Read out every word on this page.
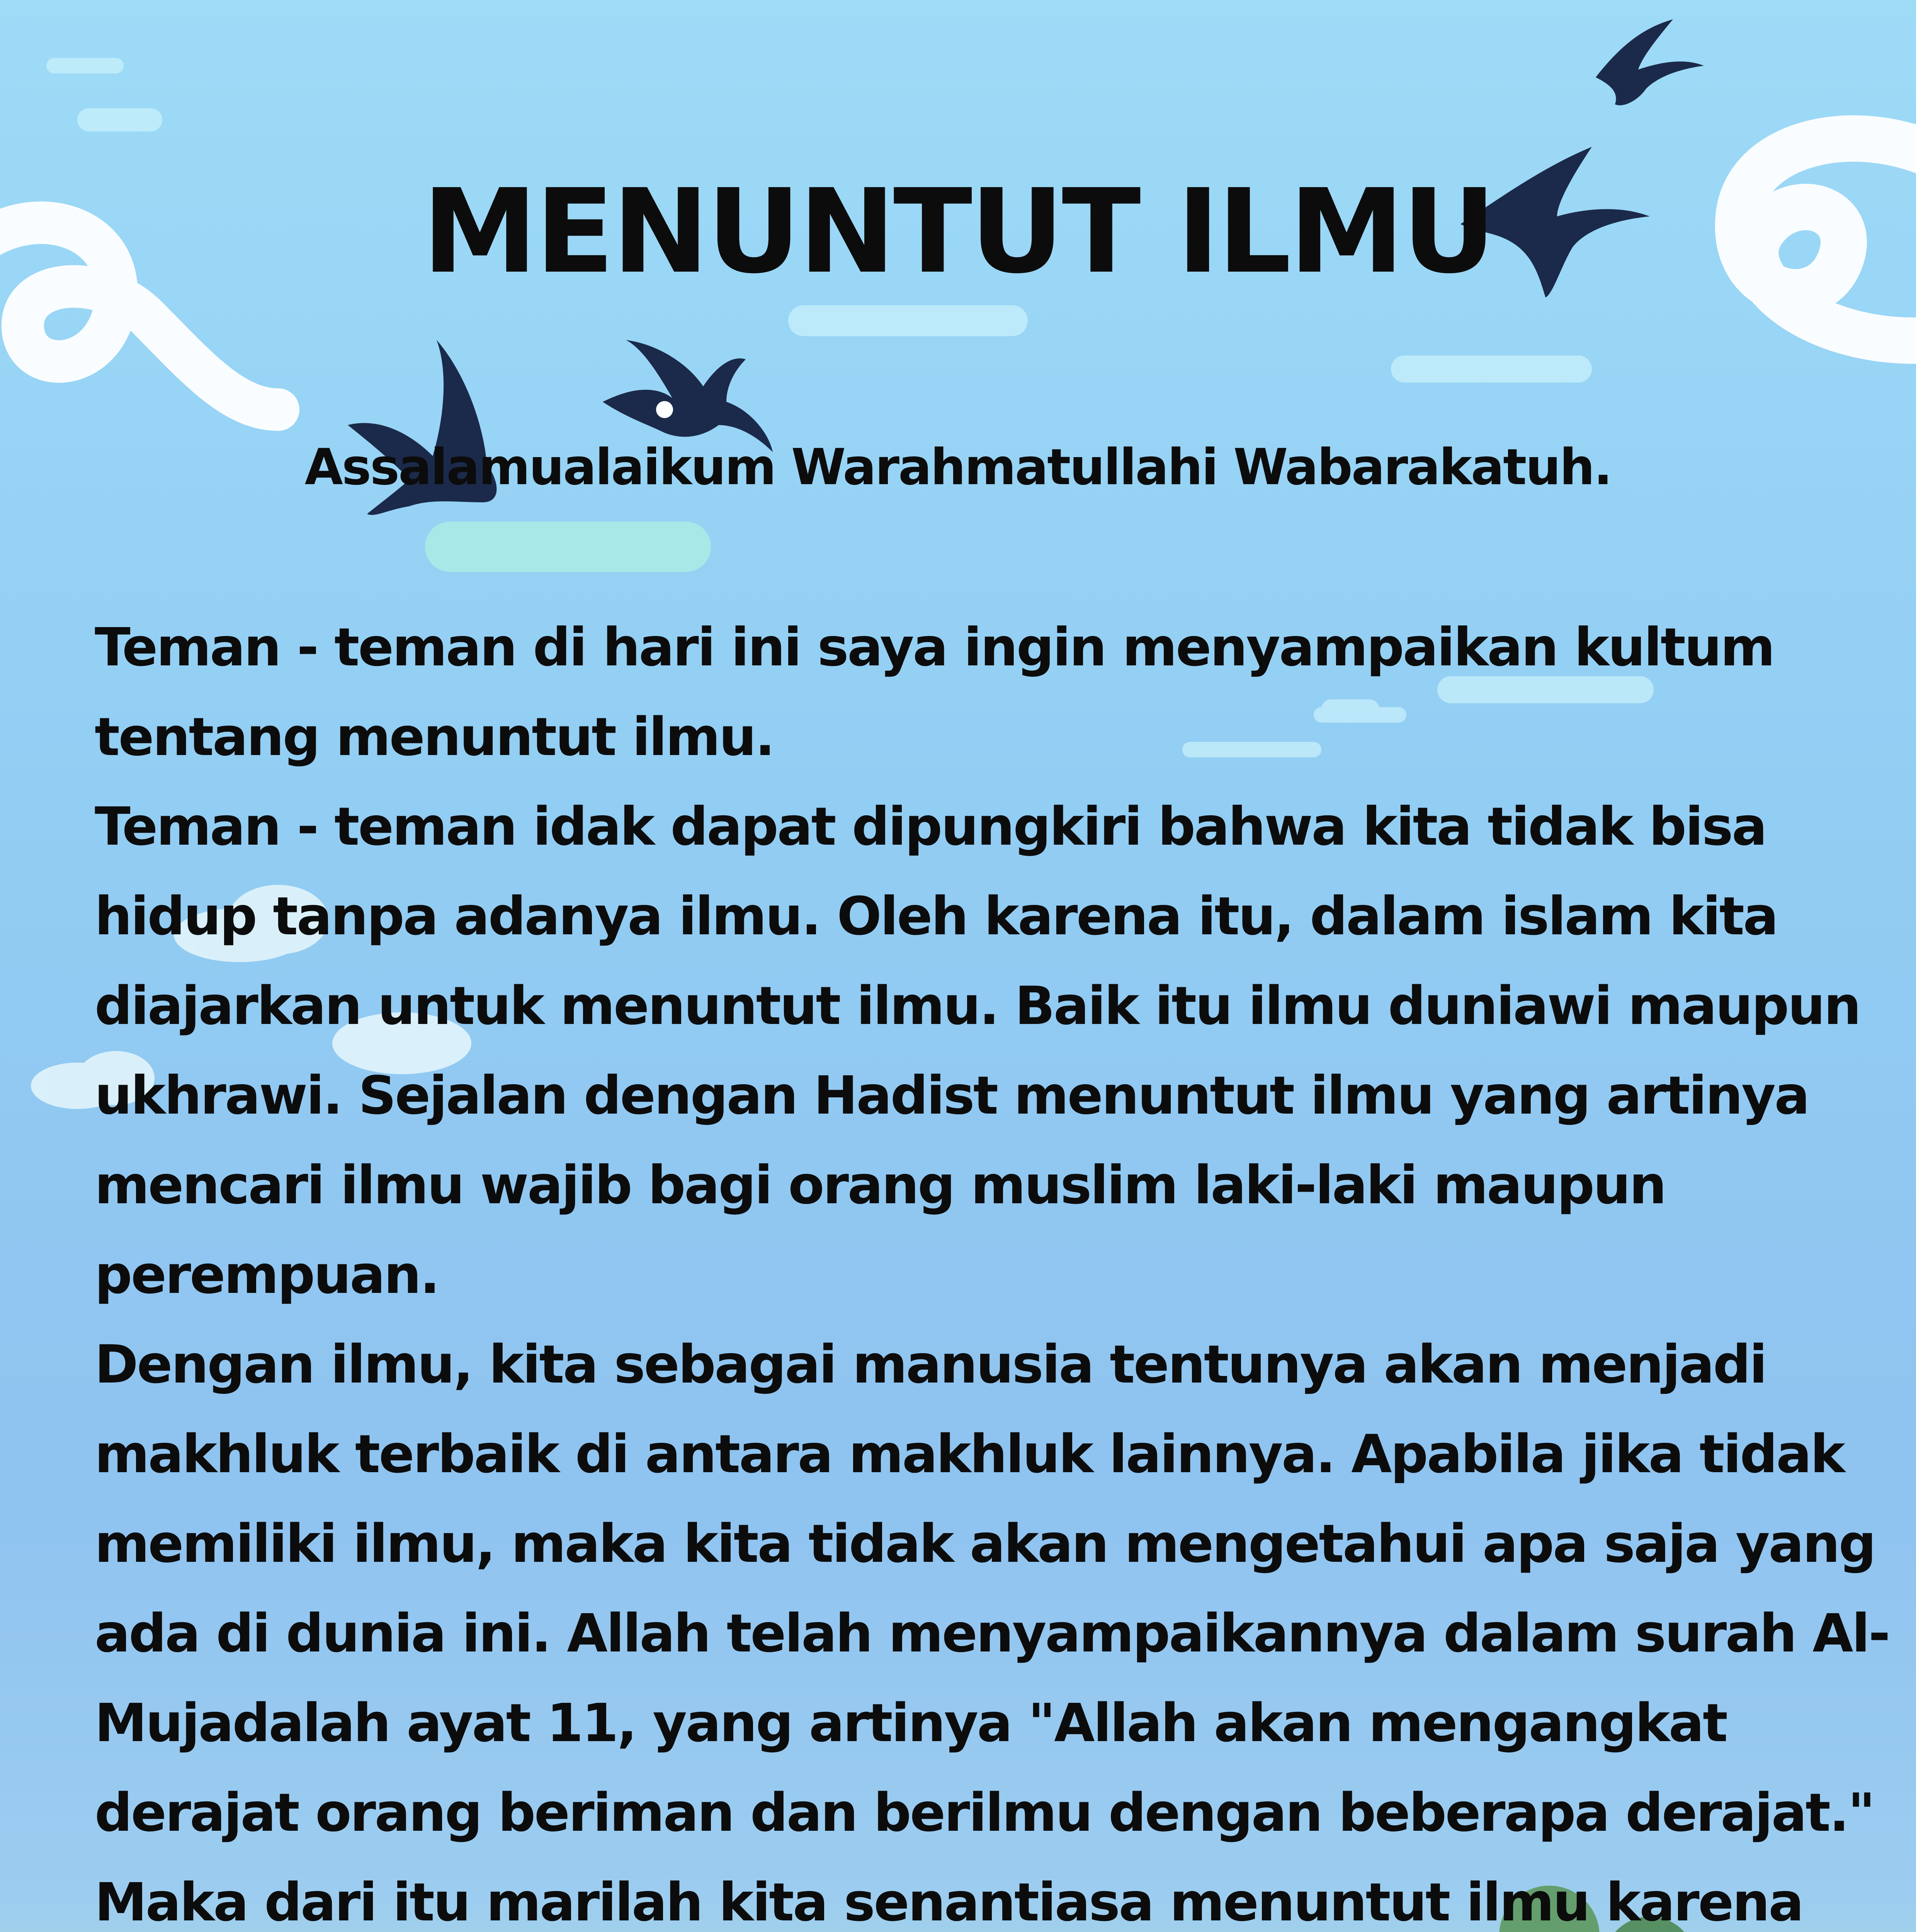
MENUNTUT ILMU
Assalamualaikum Warahmatullahi Wabarakatuh.

Teman - teman di hari ini saya ingin menyampaikan kultum tentang menuntut ilmu.

Teman - teman idak dapat dipungkiri bahwa kita tidak bisa hidup tanpa adanya ilmu. Oleh karena itu, dalam islam kita diajarkan untuk menuntut ilmu. Baik itu ilmu duniawi maupun ukhrawi. Sejalan dengan Hadist menuntut ilmu yang artinya mencari ilmu wajib bagi orang muslim laki-laki maupun perempuan.

Dengan ilmu, kita sebagai manusia tentunya akan menjadi makhluk terbaik di antara makhluk lainnya. Apabila jika tidak memiliki ilmu, maka kita tidak akan mengetahui apa saja yang ada di dunia ini. Allah telah menyampaikannya dalam surah Al-Mujadalah ayat 11, yang artinya "Allah akan mengangkat derajat orang beriman dan berilmu dengan beberapa derajat."

Maka dari itu marilah kita senantiasa menuntut ilmu karena
